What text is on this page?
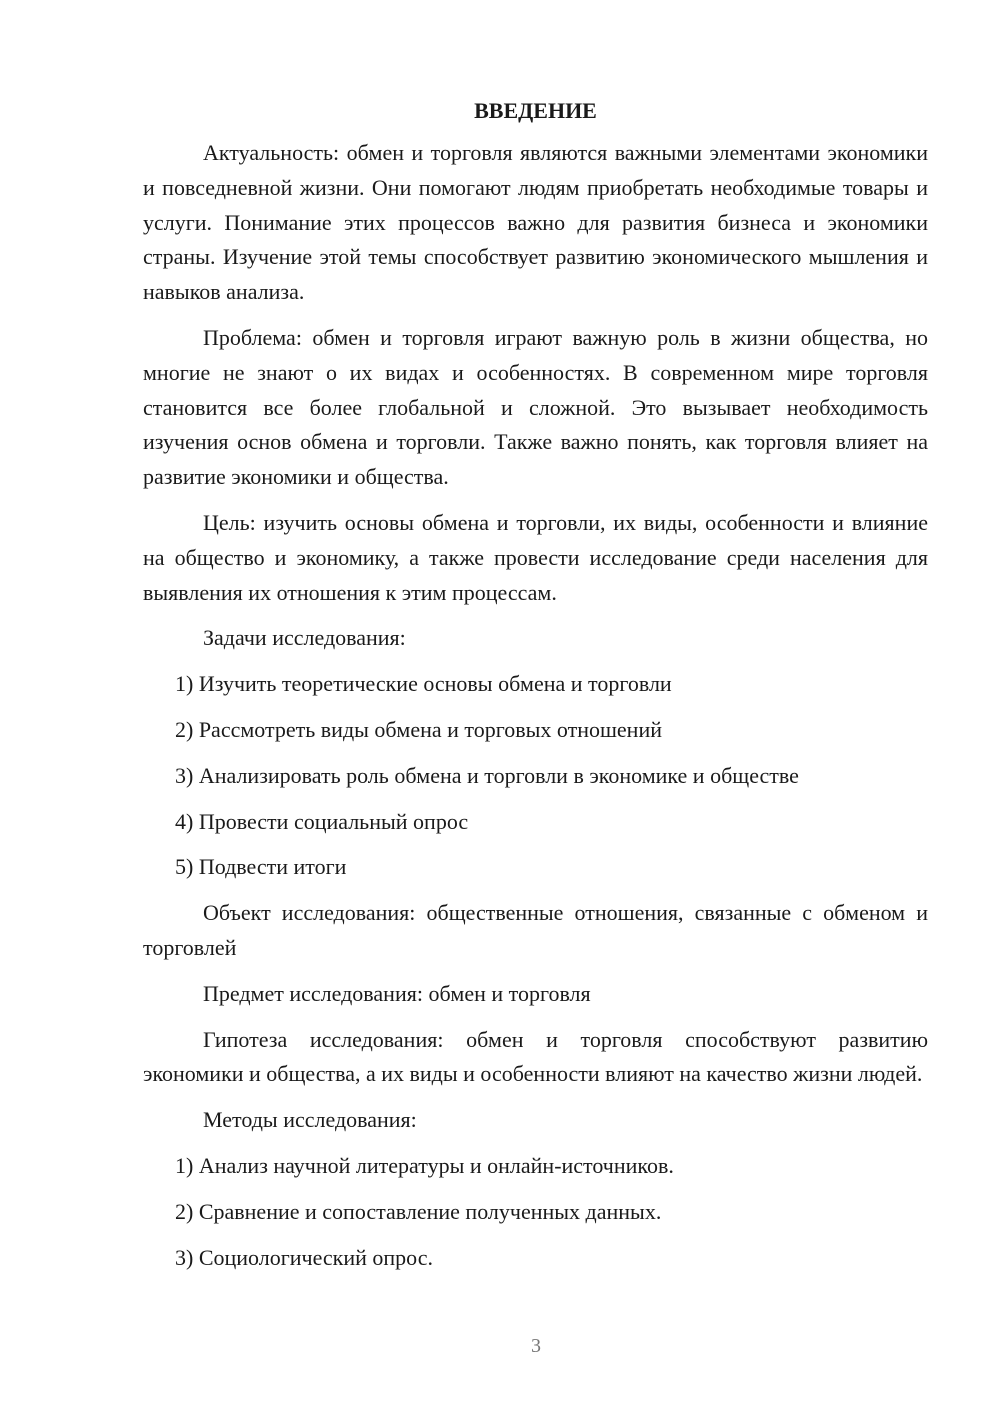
ВВЕДЕНИЕ

Актуальность: обмен и торговля являются важными элементами экономики и повседневной жизни. Они помогают людям приобретать необходимые товары и услуги. Понимание этих процессов важно для развития бизнеса и экономики страны. Изучение этой темы способствует развитию экономического мышления и навыков анализа.

Проблема: обмен и торговля играют важную роль в жизни общества, но многие не знают о их видах и особенностях. В современном мире торговля становится все более глобальной и сложной. Это вызывает необходимость изучения основ обмена и торговли. Также важно понять, как торговля влияет на развитие экономики и общества.

Цель: изучить основы обмена и торговли, их виды, особенности и влияние на общество и экономику, а также провести исследование среди населения для выявления их отношения к этим процессам.

Задачи исследования:

1) Изучить теоретические основы обмена и торговли
2) Рассмотреть виды обмена и торговых отношений
3) Анализировать роль обмена и торговли в экономике и обществе
4) Провести социальный опрос
5) Подвести итоги

Объект исследования: общественные отношения, связанные с обменом и торговлей

Предмет исследования: обмен и торговля

Гипотеза исследования: обмен и торговля способствуют развитию экономики и общества, а их виды и особенности влияют на качество жизни людей.

Методы исследования:

1) Анализ научной литературы и онлайн-источников.
2) Сравнение и сопоставление полученных данных.
3) Социологический опрос.
3
